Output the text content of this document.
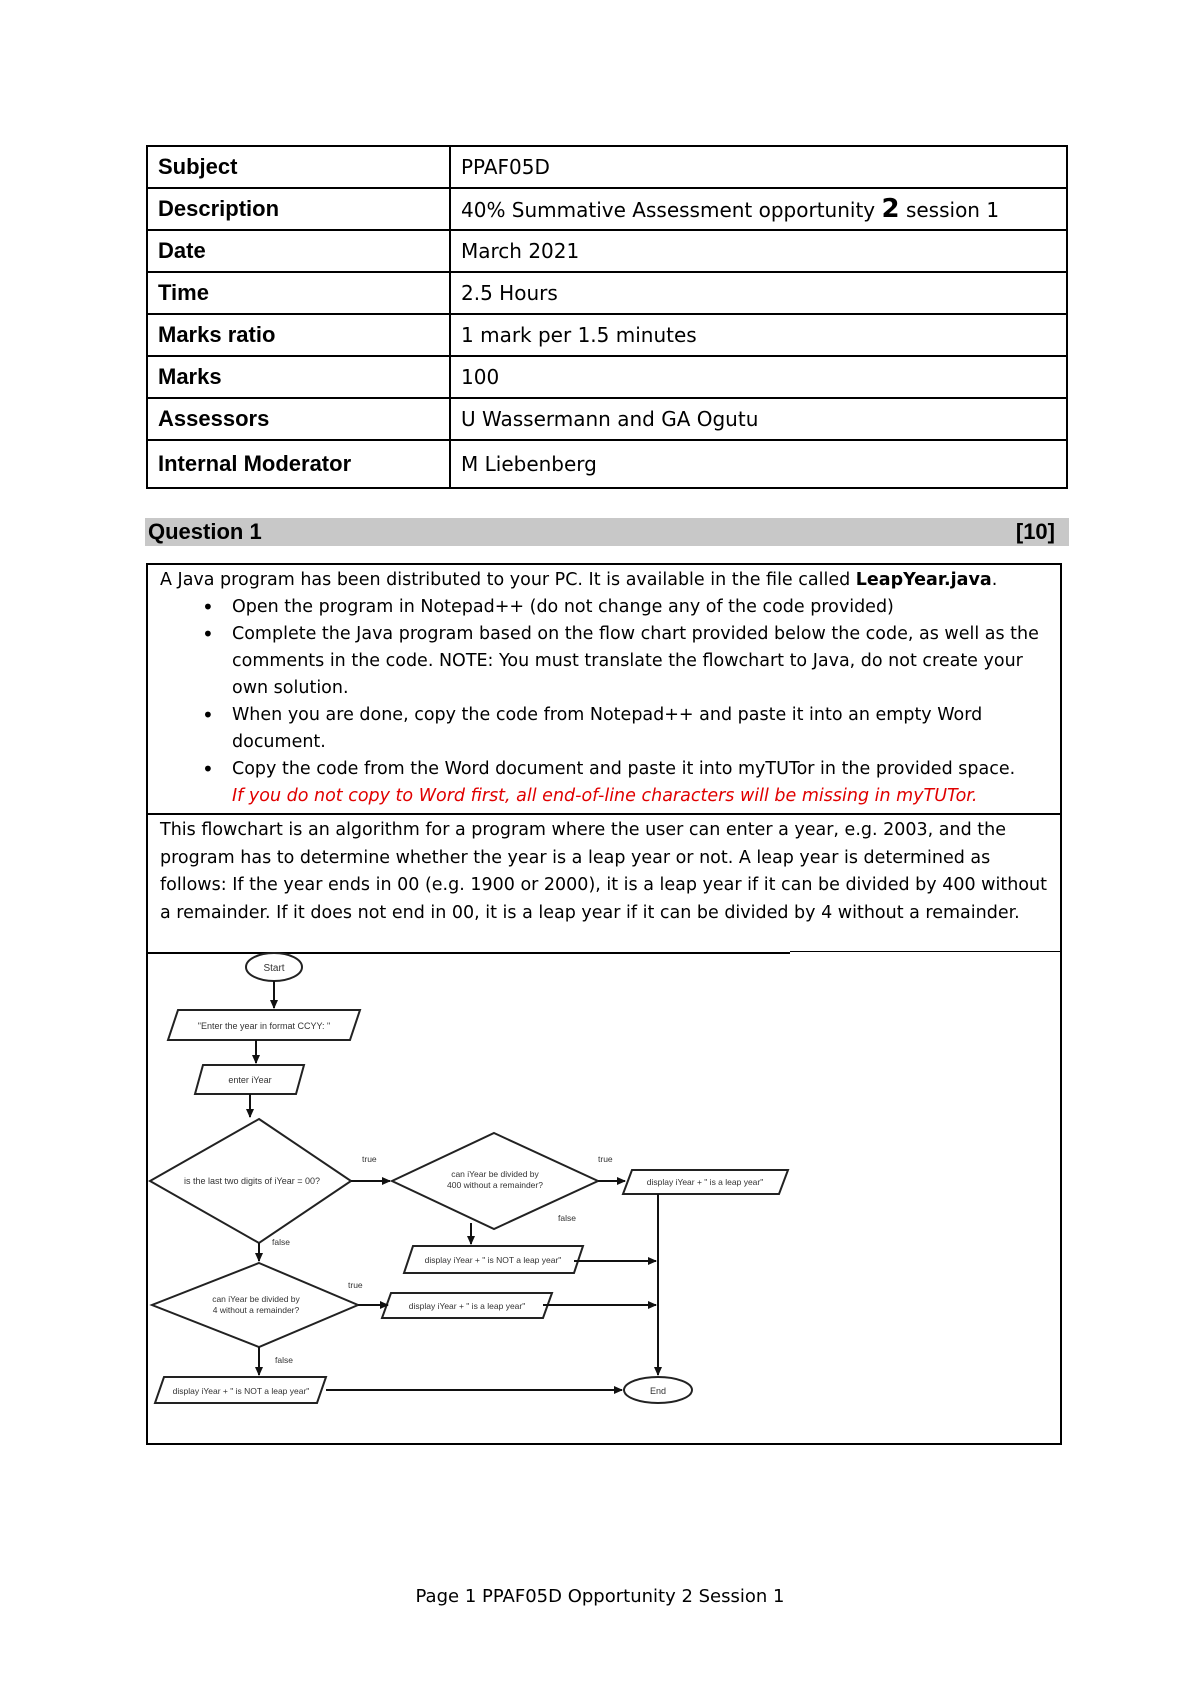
Subject	PPAF05D
Description	40% Summative Assessment opportunity 2 session 1
Date	March 2021
Time	2.5 Hours
Marks ratio	1 mark per 1.5 minutes
Marks	100
Assessors	U Wassermann and GA Ogutu
Internal Moderator	M Liebenberg
Question 1	[10]

A Java program has been distributed to your PC. It is available in the file called LeapYear.java.

• Open the program in Notepad++ (do not change any of the code provided)
• Complete the Java program based on the flow chart provided below the code, as well as the comments in the code. NOTE: You must translate the flowchart to Java, do not create your own solution.
• When you are done, copy the code from Notepad++ and paste it into an empty Word document.
• Copy the code from the Word document and paste it into myTUTor in the provided space.
If you do not copy to Word first, all end-of-line characters will be missing in myTUTor.
This flowchart is an algorithm for a program where the user can enter a year, e.g. 2003, and the program has to determine whether the year is a leap year or not. A leap year is determined as follows: If the year ends in 00 (e.g. 1900 or 2000), it is a leap year if it can be divided by 400 without a remainder. If it does not end in 00, it is a leap year if it can be divided by 4 without a remainder.
Start
"Enter the year in format CCYY: "
enter iYear
is the last two digits of iYear = 00?
can iYear be divided by
400 without a remainder?	display iYear + " is a leap year"
display iYear + " is NOT a leap year"
can iYear be divided by
4 without a remainder?	display iYear + " is a leap year"
display iYear + " is NOT a leap year"	End
true	true
false
false
true
false
Page 1 PPAF05D Opportunity 2 Session 1
